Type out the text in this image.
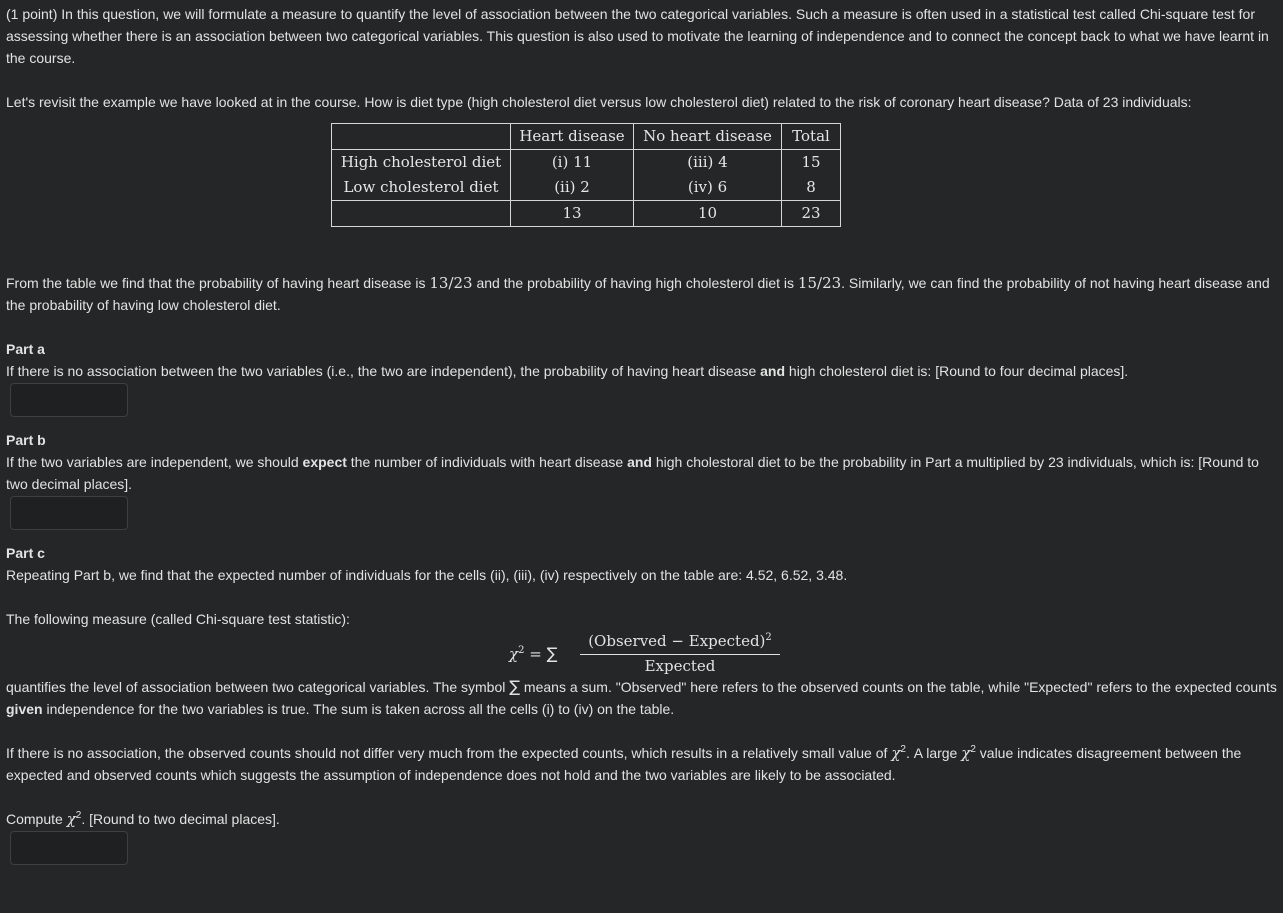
(1 point) In this question, we will formulate a measure to quantify the level of association between the two categorical variables. Such a measure is often used in a statistical test called Chi-square test for assessing whether there is an association between two categorical variables. This question is also used to motivate the learning of independence and to connect the concept back to what we have learnt in the course.

Let's revisit the example we have looked at in the course. How is diet type (high cholesterol diet versus low cholesterol diet) related to the risk of coronary heart disease? Data of 23 individuals:

	Heart disease	No heart disease	Total
High cholesterol diet	(i) 11	(iii) 4	15
Low cholesterol diet	(ii) 2	(iv) 6	8
	13	10	23

From the table we find that the probability of having heart disease is 13/23 and the probability of having high cholesterol diet is 15/23. Similarly, we can find the probability of not having heart disease and the probability of having low cholesterol diet.

Part a

If there is no association between the two variables (i.e., the two are independent), the probability of having heart disease and high cholesterol diet is: [Round to four decimal places].

Part b

If the two variables are independent, we should expect the number of individuals with heart disease and high cholestoral diet to be the probability in Part a multiplied by 23 individuals, which is: [Round to two decimal places].

Part c

Repeating Part b, we find that the expected number of individuals for the cells (ii), (iii), (iv) respectively on the table are: 4.52, 6.52, 3.48.

The following measure (called Chi-square test statistic):

$\chi^2$ = ∑
(Observed − Expected)$^2$
Expected

quantifies the level of association between two categorical variables. The symbol ∑ means a sum. "Observed" here refers to the observed counts on the table, while "Expected" refers to the expected counts given independence for the two variables is true. The sum is taken across all the cells (i) to (iv) on the table.

If there is no association, the observed counts should not differ very much from the expected counts, which results in a relatively small value of $\chi^2$. A large $\chi^2$ value indicates disagreement between the expected and observed counts which suggests the assumption of independence does not hold and the two variables are likely to be associated.

Compute $\chi^2$. [Round to two decimal places].
